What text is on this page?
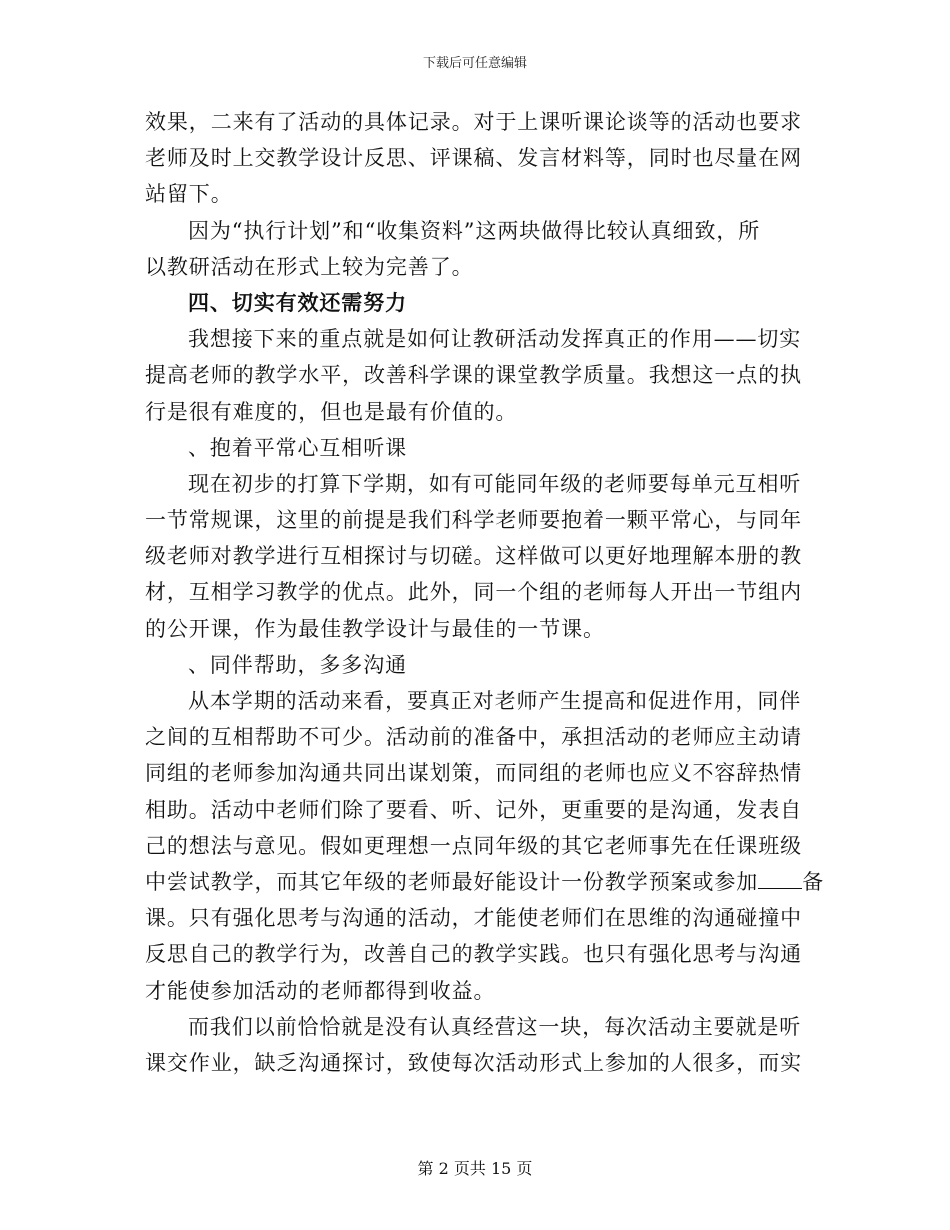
下载后可任意编辑
效果，二来有了活动的具体记录。对于上课听课论谈等的活动也要求
老师及时上交教学设计反思、评课稿、发言材料等，同时也尽量在网
站留下。
因为“执行计划”和“收集资料”这两块做得比较认真细致，所
以教研活动在形式上较为完善了。
四、切实有效还需努力
我想接下来的重点就是如何让教研活动发挥真正的作用——切实
提高老师的教学水平，改善科学课的课堂教学质量。我想这一点的执
行是很有难度的，但也是最有价值的。
、抱着平常心互相听课
现在初步的打算下学期，如有可能同年级的老师要每单元互相听
一节常规课，这里的前提是我们科学老师要抱着一颗平常心，与同年
级老师对教学进行互相探讨与切磋。这样做可以更好地理解本册的教
材，互相学习教学的优点。此外，同一个组的老师每人开出一节组内
的公开课，作为最佳教学设计与最佳的一节课。
、同伴帮助，多多沟通
从本学期的活动来看，要真正对老师产生提高和促进作用，同伴
之间的互相帮助不可少。活动前的准备中，承担活动的老师应主动请
同组的老师参加沟通共同出谋划策，而同组的老师也应义不容辞热情
相助。活动中老师们除了要看、听、记外，更重要的是沟通，发表自
己的想法与意见。假如更理想一点同年级的其它老师事先在任课班级
中尝试教学，而其它年级的老师最好能设计一份教学预案或参加 备
课。只有强化思考与沟通的活动，才能使老师们在思维的沟通碰撞中
反思自己的教学行为，改善自己的教学实践。也只有强化思考与沟通
才能使参加活动的老师都得到收益。
而我们以前恰恰就是没有认真经营这一块，每次活动主要就是听
课交作业，缺乏沟通探讨，致使每次活动形式上参加的人很多，而实
第 2 页共 15 页
